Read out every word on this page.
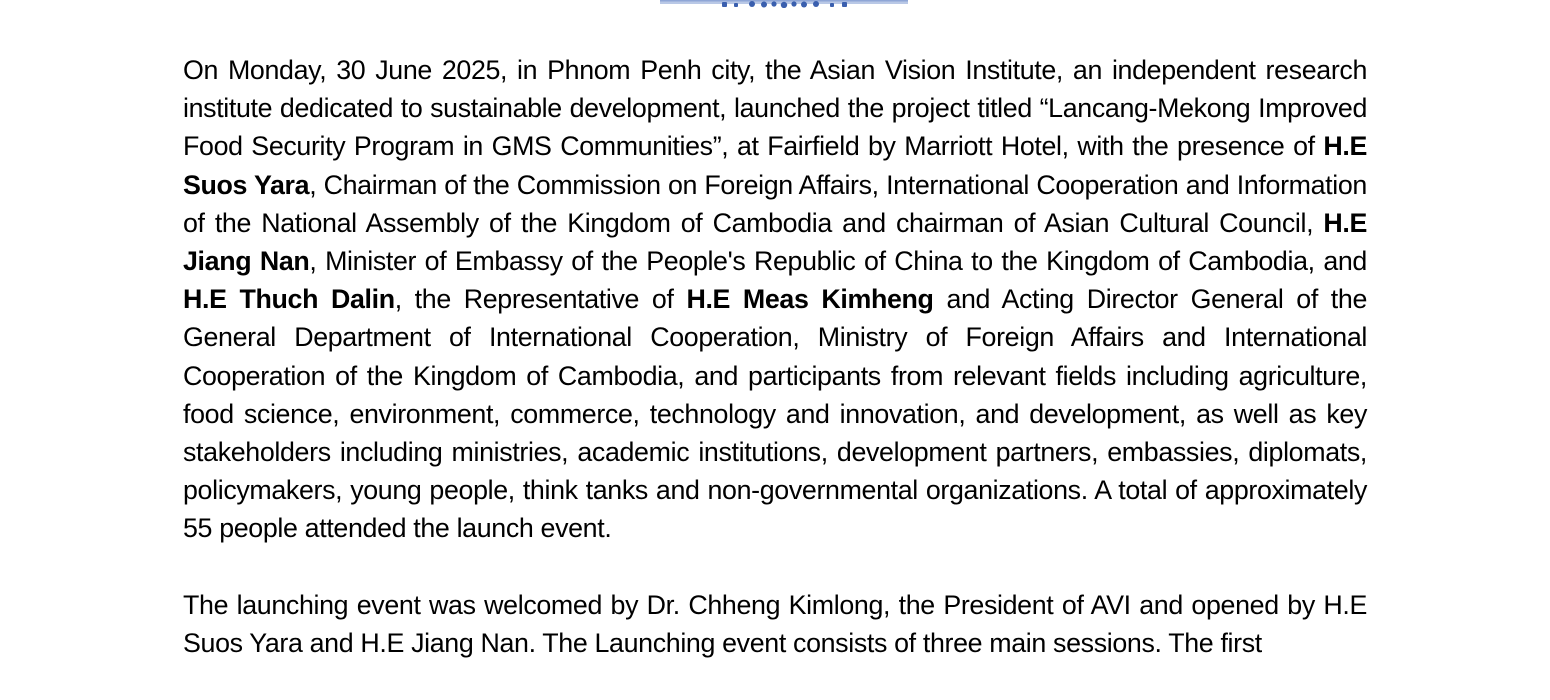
On Monday, 30 June 2025, in Phnom Penh city, the Asian Vision Institute, an independent research institute dedicated to sustainable development, launched the project titled “Lancang-Mekong Improved Food Security Program in GMS Communities”, at Fairfield by Marriott Hotel, with the presence of H.E Suos Yara, Chairman of the Commission on Foreign Affairs, International Cooperation and Information of the National Assembly of the Kingdom of Cambodia and chairman of Asian Cultural Council, H.E Jiang Nan, Minister of Embassy of the People's Republic of China to the Kingdom of Cambodia, and H.E Thuch Dalin, the Representative of H.E Meas Kimheng and Acting Director General of the General Department of International Cooperation, Ministry of Foreign Affairs and International Cooperation of the Kingdom of Cambodia, and participants from relevant fields including agriculture, food science, environment, commerce, technology and innovation, and development, as well as key stakeholders including ministries, academic institutions, development partners, embassies, diplomats, policymakers, young people, think tanks and non-governmental organizations. A total of approximately 55 people attended the launch event.

The launching event was welcomed by Dr. Chheng Kimlong, the President of AVI and opened by H.E Suos Yara and H.E Jiang Nan. The Launching event consists of three main sessions. The first
